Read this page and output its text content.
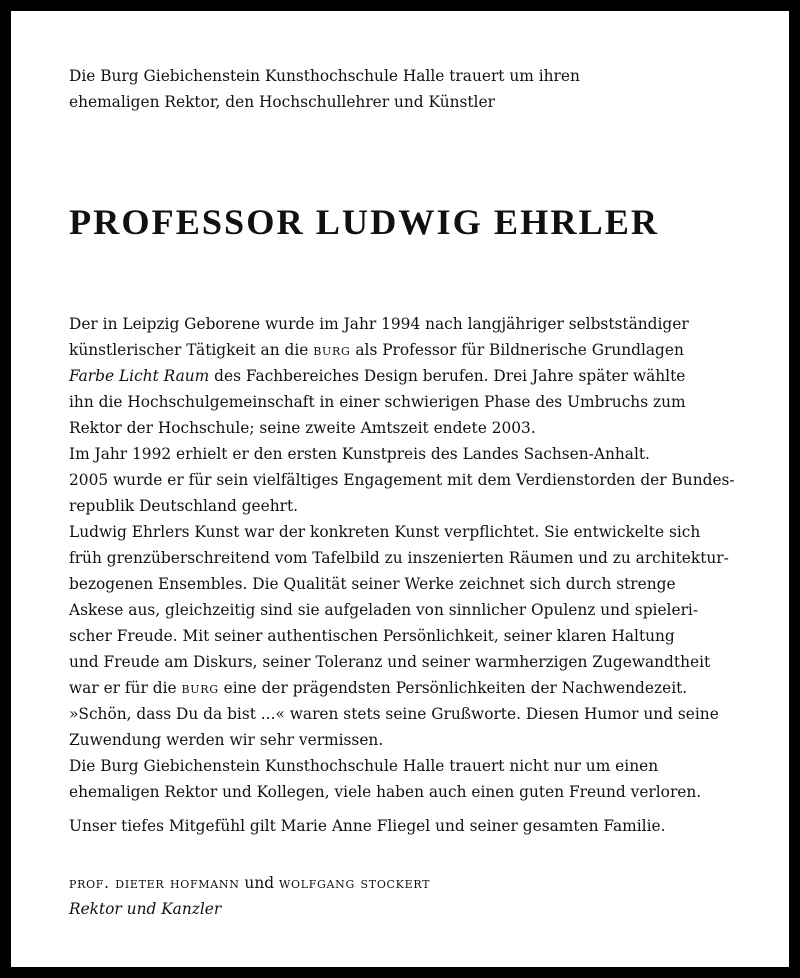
Die Burg Giebichenstein Kunsthochschule Halle trauert um ihren
ehemaligen Rektor, den Hochschullehrer und Künstler
PROFESSOR LUDWIG EHRLER
Der in Leipzig Geborene wurde im Jahr 1994 nach langjähriger selbstständiger
künstlerischer Tätigkeit an die burg als Professor für Bildnerische Grundlagen
Farbe Licht Raum des Fachbereiches Design berufen. Drei Jahre später wählte
ihn die Hochschulgemeinschaft in einer schwierigen Phase des Umbruchs zum
Rektor der Hochschule; seine zweite Amtszeit endete 2003.
Im Jahr 1992 erhielt er den ersten Kunstpreis des Landes Sachsen-Anhalt.
2005 wurde er für sein vielfältiges Engagement mit dem Verdienstorden der Bundes-
republik Deutschland geehrt.
Ludwig Ehrlers Kunst war der konkreten Kunst verpflichtet. Sie entwickelte sich
früh grenzüberschreitend vom Tafelbild zu inszenierten Räumen und zu architektur-
bezogenen Ensembles. Die Qualität seiner Werke zeichnet sich durch strenge
Askese aus, gleichzeitig sind sie aufgeladen von sinnlicher Opulenz und spieleri-
scher Freude. Mit seiner authentischen Persönlichkeit, seiner klaren Haltung
und Freude am Diskurs, seiner Toleranz und seiner warmherzigen Zugewandtheit
war er für die burg eine der prägendsten Persönlichkeiten der Nachwendezeit.
»Schön, dass Du da bist ...« waren stets seine Grußworte. Diesen Humor und seine
Zuwendung werden wir sehr vermissen.
Die Burg Giebichenstein Kunsthochschule Halle trauert nicht nur um einen
ehemaligen Rektor und Kollegen, viele haben auch einen guten Freund verloren.
Unser tiefes Mitgefühl gilt Marie Anne Fliegel und seiner gesamten Familie.
prof. dieter hofmann und wolfgang stockert
Rektor und Kanzler
